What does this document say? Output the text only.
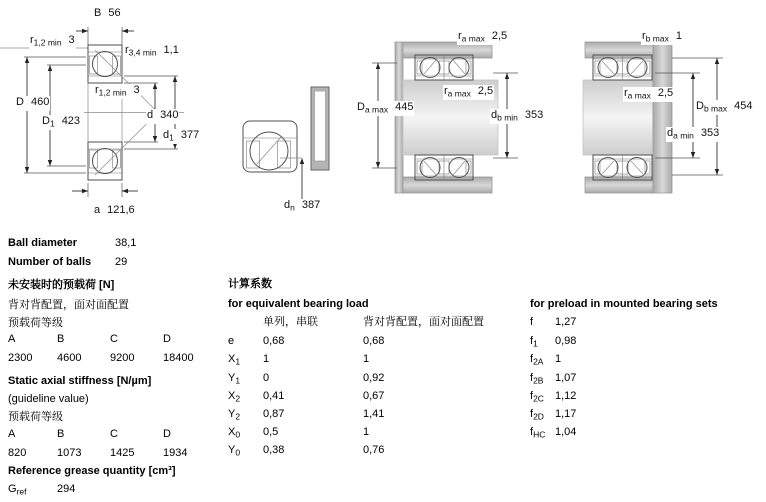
B 56
$r_{1,2 min}$ 3
$r_{3,4 min}$ 1,1
D 460
$D_1$ 423
$r_{1,2 min}$ 3
d 340
$d_1$ 377
a 121,6	$d_n$ 387
$r_{a max}$ 2,5
$r_{a max}$ 2,5
$D_{a max}$ 445
$d_{b min}$ 353
$r_{b max}$ 1
$r_{a max}$ 2,5
$D_{b max}$ 454
$d_{a min}$ 353
Ball diameter	38,1
Number of balls 29
未安装时的预载荷 [N]
背对背配置，面对面配置
预载荷等级
A	B	C	D
2300 4600	9200	18400
Static axial stiffness [N/µm]
(guideline value)
预载荷等级
A	B	C	D
820	1073	1425	1934
Reference grease quantity [cm³]
$G_{ref}$	294
计算系数
for equivalent bearing load
单列，串联	背对背配置，面对面配置
e	0,68	0,68
$X_1$ 1	1
$Y_1$ 0	0,92
$X_2$ 0,41	0,67
$Y_2$ 0,87	1,41
$X_0$ 0,5	1
$Y_0$ 0,38	0,76
for preload in mounted bearing sets
f 1,27
$f_1$ 0,98
$f_{2A}$ 1
$f_{2B}$ 1,07
$f_{2C}$ 1,12
$f_{2D}$ 1,17
$f_{HC}$ 1,04
